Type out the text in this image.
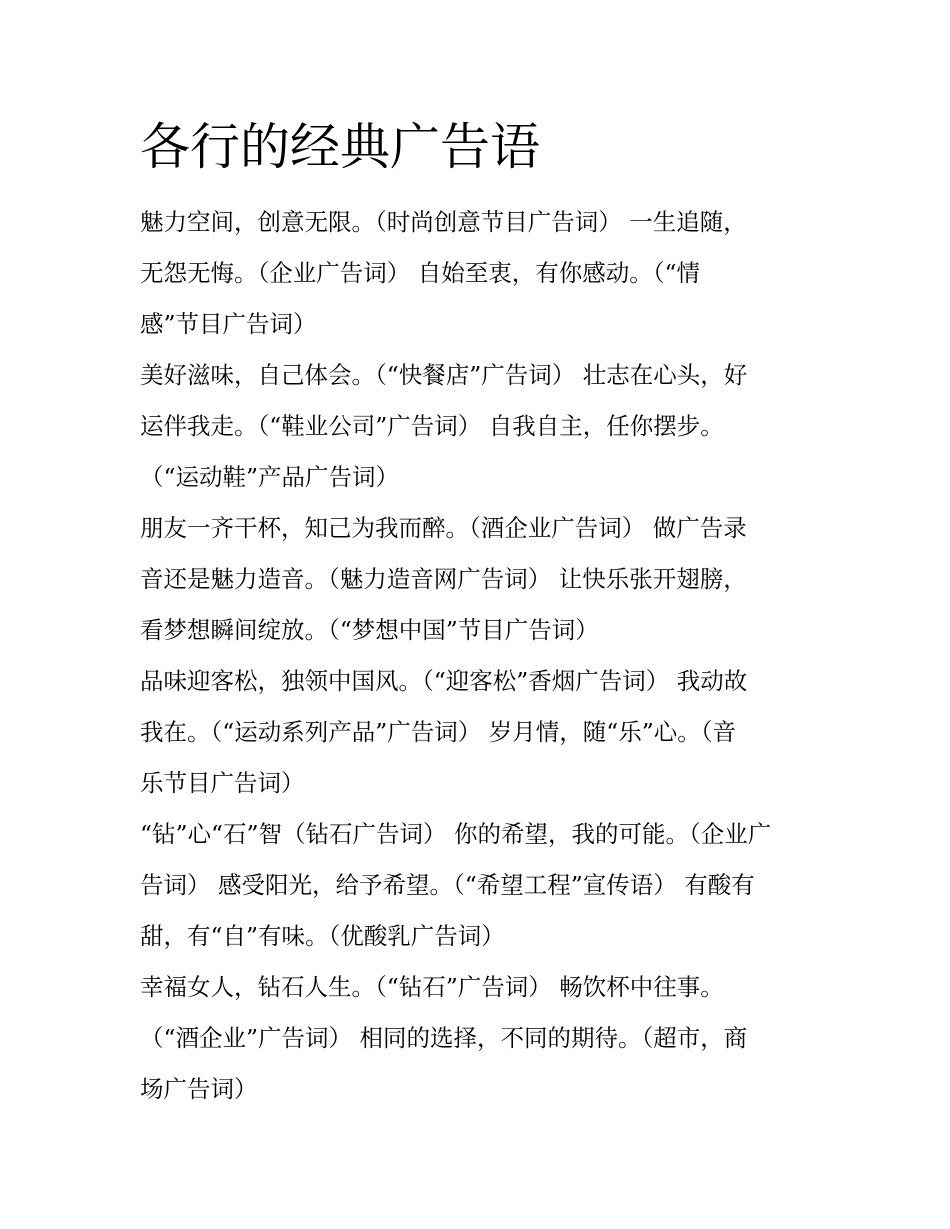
各行的经典广告语

魅力空间，创意无限。（时尚创意节目广告词） 一生追随，

无怨无悔。（企业广告词） 自始至衷，有你感动。（“情

感”节目广告词）

美好滋味，自己体会。（“快餐店”广告词） 壮志在心头，好

运伴我走。（“鞋业公司”广告词） 自我自主，任你摆步。

（“运动鞋”产品广告词）

朋友一齐干杯，知己为我而醉。（酒企业广告词） 做广告录

音还是魅力造音。（魅力造音网广告词） 让快乐张开翅膀，

看梦想瞬间绽放。（“梦想中国”节目广告词）

品味迎客松，独领中国风。（“迎客松”香烟广告词） 我动故

我在。（“运动系列产品”广告词） 岁月情，随“乐”心。（音

乐节目广告词）

“钻”心“石”智（钻石广告词） 你的希望，我的可能。（企业广

告词） 感受阳光，给予希望。（“希望工程”宣传语） 有酸有

甜，有“自”有味。（优酸乳广告词）

幸福女人，钻石人生。（“钻石”广告词） 畅饮杯中往事。

（“酒企业”广告词） 相同的选择，不同的期待。（超市，商

场广告词）
